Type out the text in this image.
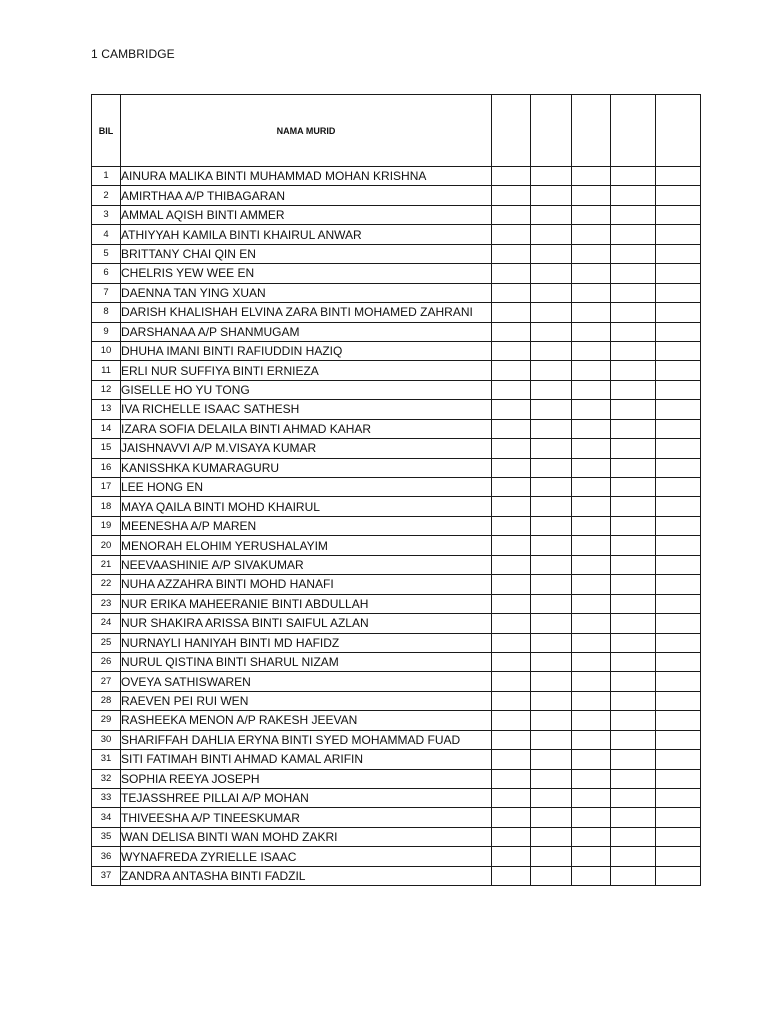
1 CAMBRIDGE
BIL	NAMA MURID					
1	AINURA MALIKA BINTI MUHAMMAD MOHAN KRISHNA					
2	AMIRTHAA A/P THIBAGARAN					
3	AMMAL AQISH BINTI AMMER					
4	ATHIYYAH KAMILA BINTI KHAIRUL ANWAR					
5	BRITTANY CHAI QIN EN					
6	CHELRIS YEW WEE EN					
7	DAENNA TAN YING XUAN					
8	DARISH KHALISHAH ELVINA ZARA BINTI MOHAMED ZAHRANI					
9	DARSHANAA A/P SHANMUGAM					
10	DHUHA IMANI BINTI RAFIUDDIN HAZIQ					
11	ERLI NUR SUFFIYA BINTI ERNIEZA					
12	GISELLE HO YU TONG					
13	IVA RICHELLE ISAAC SATHESH					
14	IZARA SOFIA DELAILA BINTI AHMAD KAHAR					
15	JAISHNAVVI A/P M.VISAYA KUMAR					
16	KANISSHKA KUMARAGURU					
17	LEE HONG EN					
18	MAYA QAILA BINTI MOHD KHAIRUL					
19	MEENESHA A/P MAREN					
20	MENORAH ELOHIM YERUSHALAYIM					
21	NEEVAASHINIE A/P SIVAKUMAR					
22	NUHA AZZAHRA BINTI MOHD HANAFI					
23	NUR ERIKA MAHEERANIE BINTI ABDULLAH					
24	NUR SHAKIRA ARISSA BINTI SAIFUL AZLAN					
25	NURNAYLI HANIYAH BINTI MD HAFIDZ					
26	NURUL QISTINA BINTI SHARUL NIZAM					
27	OVEYA SATHISWAREN					
28	RAEVEN PEI RUI WEN					
29	RASHEEKA MENON A/P RAKESH JEEVAN					
30	SHARIFFAH DAHLIA ERYNA BINTI SYED MOHAMMAD FUAD					
31	SITI FATIMAH BINTI AHMAD KAMAL ARIFIN					
32	SOPHIA REEYA JOSEPH					
33	TEJASSHREE PILLAI A/P MOHAN					
34	THIVEESHA A/P TINEESKUMAR					
35	WAN DELISA BINTI WAN MOHD ZAKRI					
36	WYNAFREDA ZYRIELLE ISAAC					
37	ZANDRA ANTASHA BINTI FADZIL					
